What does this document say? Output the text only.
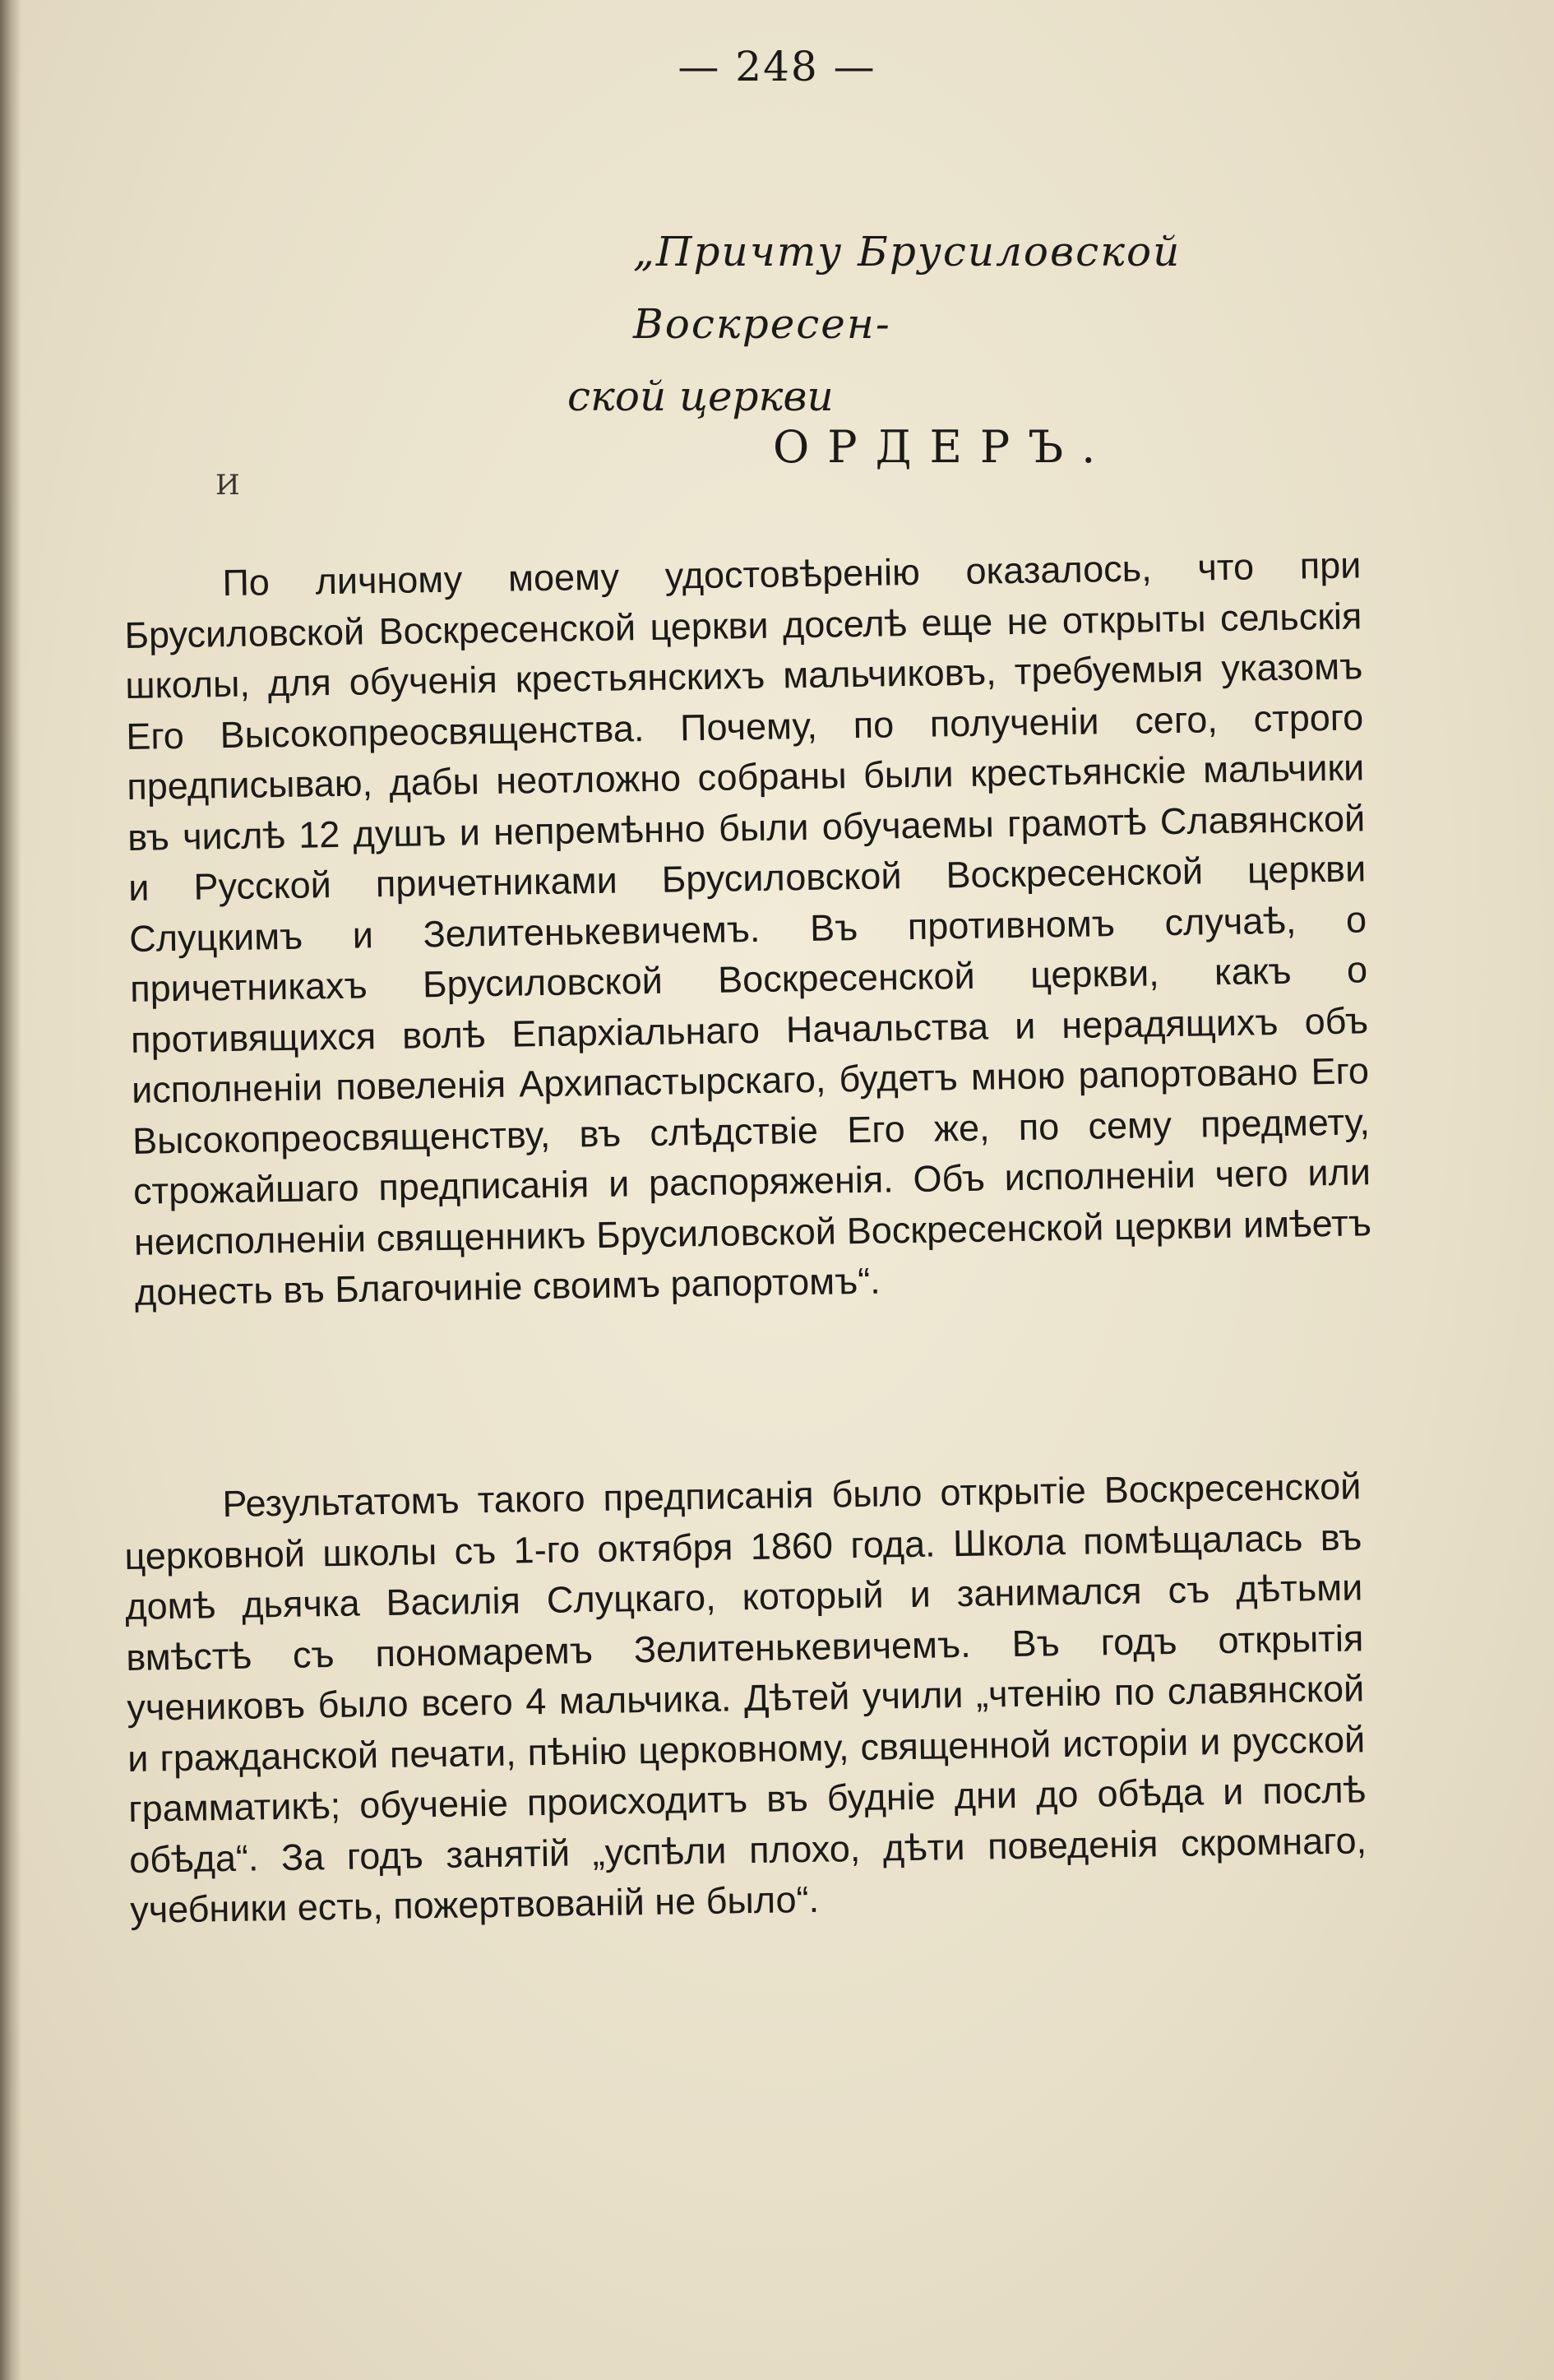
— 248 —
„Причту Брусиловской Воскресен-
ской церкви
И
ОРДЕРЪ.

По личному моему удостовѣренію оказалось, что при Брусиловской Воскресенской церкви доселѣ еще не открыты сельскія школы, для обученія крестьянскихъ мальчиковъ, требуемыя указомъ Его Высокопреосвященства. Почему, по полученіи сего, строго предписываю, дабы неотложно собраны были крестьянскіе мальчики въ числѣ 12 душъ и непремѣнно были обучаемы грамотѣ Славянской и Русской причетниками Брусиловской Воскресенской церкви Слуцкимъ и Зелитенькевичемъ. Въ противномъ случаѣ, о причетникахъ Брусиловской Воскресенской церкви, какъ о противящихся волѣ Епархіальнаго Начальства и нерадящихъ объ исполненіи повеленія Архипастырскаго, будетъ мною рапортовано Его Высокопреосвященству, въ слѣдствіе Его же, по сему предмету, строжайшаго предписанія и распоряженія. Объ исполненіи чего или неисполненіи священникъ Брусиловской Воскресенской церкви имѣетъ донесть въ Благочиніе своимъ рапортомъ“.

Результатомъ такого предписанія было открытіе Воскресенской церковной школы съ 1-го октября 1860 года. Школа помѣщалась въ домѣ дьячка Василія Слуцкаго, который и занимался съ дѣтьми вмѣстѣ съ пономаремъ Зелитенькевичемъ. Въ годъ открытія учениковъ было всего 4 мальчика. Дѣтей учили „чтенію по славянской и гражданской печати, пѣнію церковному, священной исторіи и русской грамматикѣ; обученіе происходитъ въ будніе дни до обѣда и послѣ обѣда“. За годъ занятій „успѣли плохо, дѣти поведенія скромнаго, учебники есть, пожертвованій не было“.
